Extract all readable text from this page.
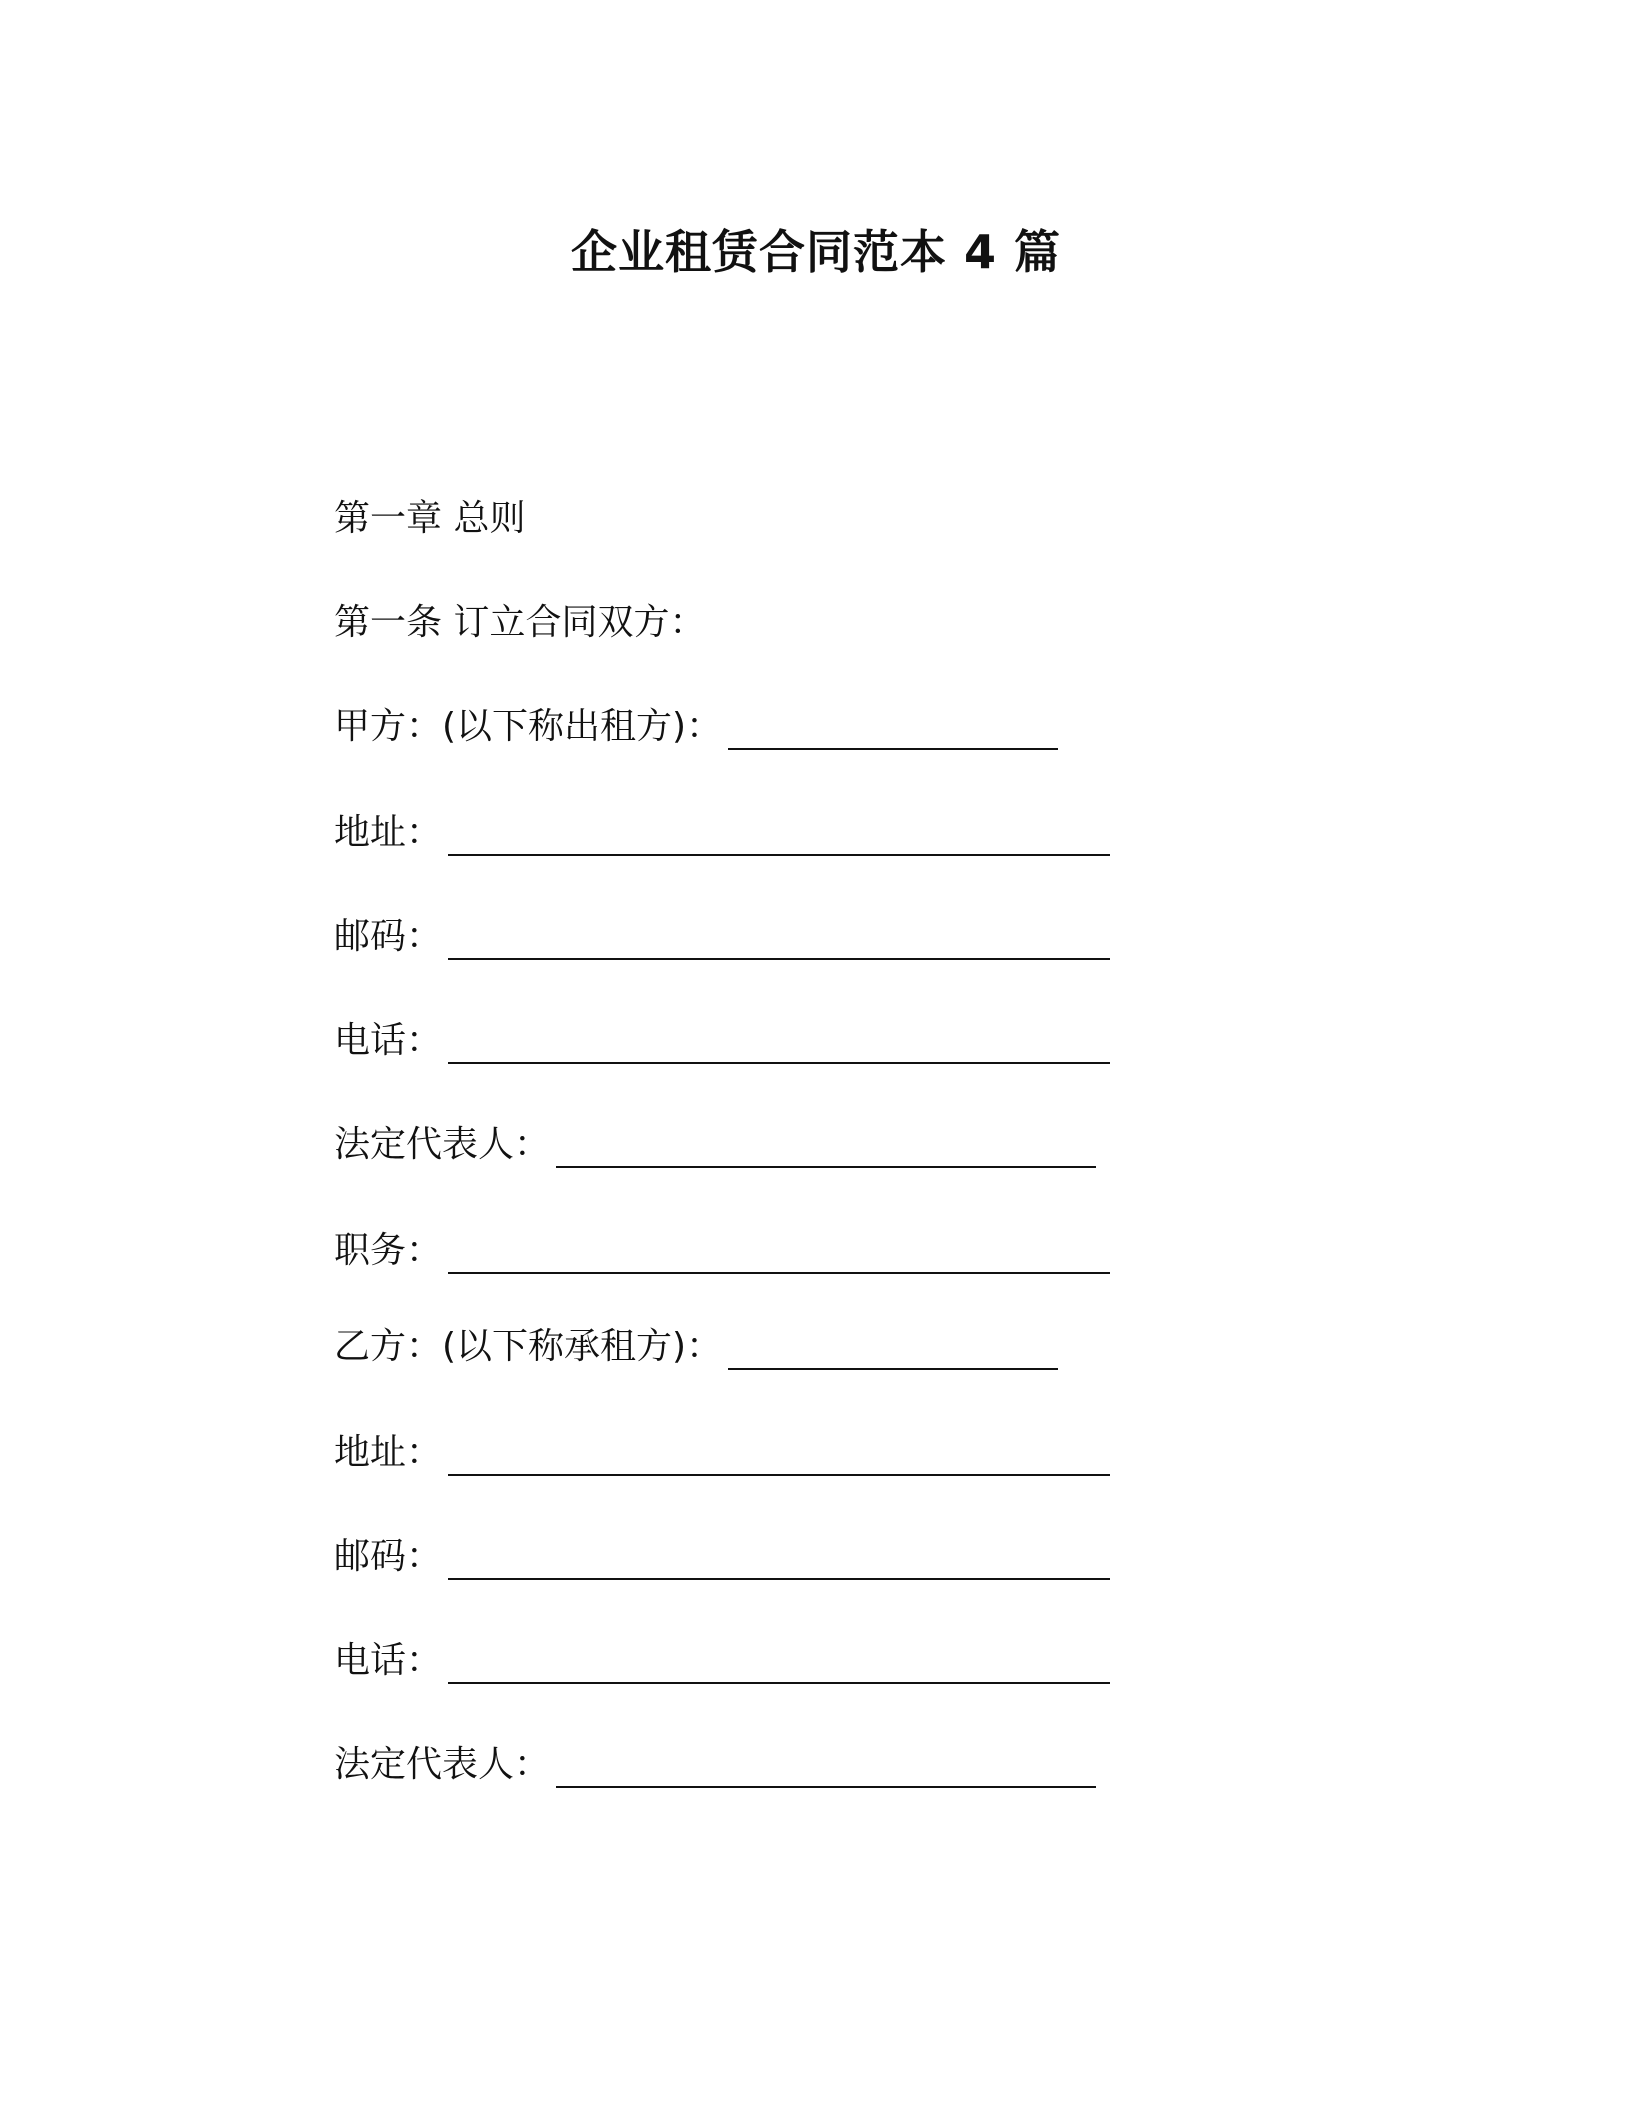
企业租赁合同范本 4 篇
第一章 总则
第一条 订立合同双方：
甲方：(以下称出租方)：
地址：
邮码：
电话：
法定代表人：
职务：
乙方：(以下称承租方)：
地址：
邮码：
电话：
法定代表人：
